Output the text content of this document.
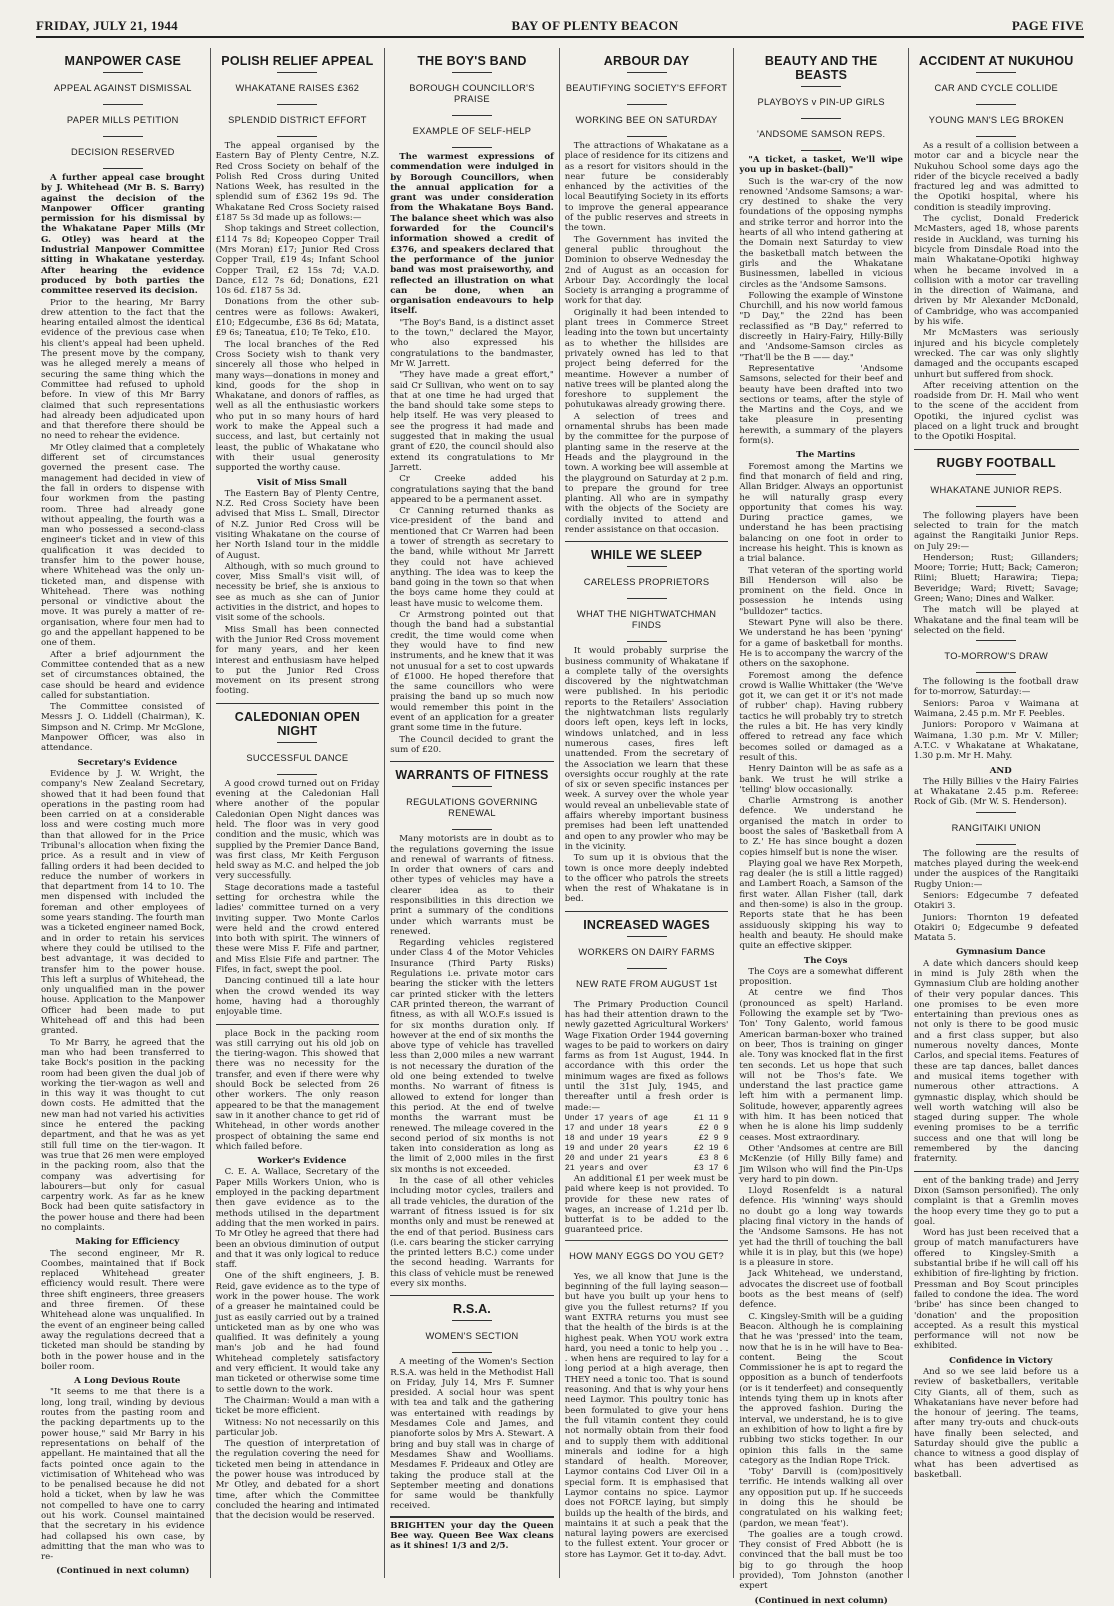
FRIDAY, JULY 21, 1944	BAY OF PLENTY BEACON	PAGE FIVE
MANPOWER CASE
APPEAL AGAINST DISMISSAL
PAPER MILLS PETITION
DECISION RESERVED

A further appeal case brought by J. Whitehead (Mr B. S. Barry) against the decision of the Manpower Officer granting permission for his dismissal by the Whakatane Paper Mills (Mr G. Otley) was heard at the Industrial Manpower Committee sitting in Whakatane yesterday. After hearing the evidence produced by both parties the committee reserved its decision.

Prior to the hearing, Mr Barry drew attention to the fact that the hearing entailed almost the identical evidence of the previous case when his client's appeal had been upheld. The present move by the company, was he alleged merely a means of securing the same thing which the Committee had refused to uphold before. In view of this Mr Barry claimed that such representations had already been adjudicated upon and that therefore there should be no need to rehear the evidence.

Mr Otley claimed that a completely different set of circumstances governed the present case. The management had decided in view of the fall in orders to dispense with four workmen from the pasting room. Three had already gone without appealing, the fourth was a man who possessed a second-class engineer's ticket and in view of this qualification it was decided to transfer him to the power house, where Whitehead was the only un-ticketed man, and dispense with Whitehead. There was nothing personal or vindictive about the move. It was purely a matter of re-organisation, where four men had to go and the appellant happened to be one of them.

After a brief adjournment the Committee contended that as a new set of circumstances obtained, the case should be heard and evidence called for substantiation.

The Committee consisted of Messrs J. O. Liddell (Chairman), K. Simpson and N. Crimp. Mr McGlone, Manpower Officer, was also in attendance.

Secretary's Evidence

Evidence by J. W. Wright, the company's New Zealand Secretary, showed that it had been found that operations in the pasting room had been carried on at a considerable loss and were costing much more than that allowed for in the Price Tribunal's allocation when fixing the price. As a result and in view of falling orders it had been decided to reduce the number of workers in that department from 14 to 10. The men dispensed with included the foreman and other employees of some years standing. The fourth man was a ticketed engineer named Bock, and in order to retain his services where they could be utilised to the best advantage, it was decided to transfer him to the power house. This left a surplus of Whitehead, the only unqualified man in the power house. Application to the Manpower Officer had been made to put Whitehead off and this had been granted.

To Mr Barry, he agreed that the man who had been transferred to take Bock's position in the packing room had been given the dual job of working the tier-wagon as well and in this way it was thought to cut down costs. He admitted that the new man had not varied his activities since he entered the packing department, and that he was as yet still full time on the tier-wagon. It was true that 26 men were employed in the packing room, also that the company was advertising for labourers—but only for casual carpentry work. As far as he knew Bock had been quite satisfactory in the power house and there had been no complaints.

Making for Efficiency

The second engineer, Mr R. Coombes, maintained that if Bock replaced Whitehead greater efficiency would result. There were three shift engineers, three greasers and three firemen. Of these Whitehead alone was unqualified. In the event of an engineer being called away the regulations decreed that a ticketed man should be standing by both in the power house and in the boiler room.

A Long Devious Route

"It seems to me that there is a long, long trail, winding by devious routes from the pasting room and the packing departments up to the power house," said Mr Barry in his representations on behalf of the appellant. He maintained that all the facts pointed once again to the victimisation of Whitehead who was to be penalised because he did not hold a ticket, when by law he was not compelled to have one to carry out his work. Counsel maintained that the secretary in his evidence had collapsed his own case, by admitting that the man who was to re-

(Continued in next column)
POLISH RELIEF APPEAL
WHAKATANE RAISES £362
SPLENDID DISTRICT EFFORT

The appeal organised by the Eastern Bay of Plenty Centre, N.Z. Red Cross Society on behalf of the Polish Red Cross during United Nations Week, has resulted in the splendid sum of £362 19s 9d. The Whakatane Red Cross Society raised £187 5s 3d made up as follows:—

Shop takings and Street collection, £114 7s 8d; Kopeopeo Copper Trail (Mrs Moran) £17; Junior Red Cross Copper Trail, £19 4s; Infant School Copper Trail, £2 15s 7d; V.A.D. Dance, £12 7s 6d; Donations, £21 10s 6d. £187 5s 3d.

Donations from the other sub-centres were as follows: Awakeri, £10; Edgecumbe, £36 8s 6d; Matata, £9 6s; Taneatua, £10; Te Teko, £10.

The local branches of the Red Cross Society wish to thank very sincerely all those who helped in many ways—donations in money and kind, goods for the shop in Whakatane, and donors of raffles, as well as all the enthusiastic workers who put in so many hours of hard work to make the Appeal such a success, and last, but certainly not least, the public of Whakatane who with their usual generosity supported the worthy cause.

Visit of Miss Small

The Eastern Bay of Plenty Centre, N.Z. Red Cross Society have been advised that Miss L. Small, Director of N.Z. Junior Red Cross will be visiting Whakatane on the course of her North Island tour in the middle of August.

Although, with so much ground to cover, Miss Small's visit will, of necessity be brief, she is anxious to see as much as she can of Junior activities in the district, and hopes to visit some of the schools.

Miss Small has been connected with the Junior Red Cross movement for many years, and her keen interest and enthusiasm have helped to put the Junior Red Cross movement on its present strong footing.

CALEDONIAN OPEN NIGHT
SUCCESSFUL DANCE

A good crowd turned out on Friday evening at the Caledonian Hall where another of the popular Caledonian Open Night dances was held. The floor was in very good condition and the music, which was supplied by the Premier Dance Band, was first class, Mr Keith Ferguson held sway as M.C. and helped the job very successfully.

Stage decorations made a tasteful setting for orchestra while the ladies' committee turned on a very inviting supper. Two Monte Carlos were held and the crowd entered into both with spirit. The winners of these were Miss F. Fife and partner, and Miss Elsie Fife and partner. The Fifes, in fact, swept the pool.

Dancing continued till a late hour when the crowd wended its way home, having had a thoroughly enjoyable time.

place Bock in the packing room was still carrying out his old job on the tiering-wagon. This showed that there was no necessity for the transfer, and even if there were why should Bock be selected from 26 other workers. The only reason appeared to be that the management saw in it another chance to get rid of Whitehead, in other words another prospect of obtaining the same end which failed before.

Worker's Evidence

C. E. A. Wallace, Secretary of the Paper Mills Workers Union, who is employed in the packing department then gave evidence as to the methods utilised in the department adding that the men worked in pairs. To Mr Otley he agreed that there had been an obvious diminution of output and that it was only logical to reduce staff.

One of the shift engineers, J. B. Reid, gave evidence as to the type of work in the power house. The work of a greaser he maintained could be just as easily carried out by a trained unticketed man as by one who was qualified. It was definitely a young man's job and he had found Whitehead completely satisfactory and very efficient. It would take any man ticketed or otherwise some time to settle down to the work.

The Chairman: Would a man with a ticket be more efficient.

Witness: No not necessarily on this particular job.

The question of interpretation of the regulation covering the need for ticketed men being in attendance in the power house was introduced by Mr Otley, and debated for a short time, after which the Committee concluded the hearing and intimated that the decision would be reserved.

THE BOY'S BAND
BOROUGH COUNCILLOR'S PRAISE
EXAMPLE OF SELF-HELP

The warmest expressions of commendation were indulged in by Borough Councillors, when the annual application for a grant was under consideration from the Whakatane Boys Band. The balance sheet which was also forwarded for the Council's information showed a credit of £376, and speakers declared that the performance of the junior band was most praiseworthy, and reflected an illustration on what can be done, when an organisation endeavours to help itself.

"The Boy's Band, is a distinct asset to the town," declared the Mayor, who also expressed his congratulations to the bandmaster, Mr W. Jarrett.

"They have made a great effort," said Cr Sullivan, who went on to say that at one time he had urged that the band should take some steps to help itself. He was very pleased to see the progress it had made and suggested that in making the usual grant of £20, the council should also extend its congratulations to Mr Jarrett.

Cr Creeke added his congratulations saying that the band appeared to be a permanent asset.

Cr Canning returned thanks as vice-president of the band and mentioned that Cr Warren had been a tower of strength as secretary to the band, while without Mr Jarrett they could not have achieved anything. The idea was to keep the band going in the town so that when the boys came home they could at least have music to welcome them.

Cr Armstrong pointed out that though the band had a substantial credit, the time would come when they would have to find new instruments, and he knew that it was not unusual for a set to cost upwards of £1000. He hoped therefore that the same councillors who were praising the band up so much now would remember this point in the event of an application for a greater grant some time in the future.

The Council decided to grant the sum of £20.

WARRANTS OF FITNESS
REGULATIONS GOVERNING RENEWAL

Many motorists are in doubt as to the regulations governing the issue and renewal of warrants of fitness. In order that owners of cars and other types of vehicles may have a clearer idea as to their responsibilities in this direction we print a summary of the conditions under which warrants must be renewed.

Regarding vehicles registered under Class 4 of the Motor Vehicles Insurance (Third Party Risks) Regulations i.e. private motor cars bearing the sticker with the letters car printed sticker with the letters CAR printed thereon, the warrant of fitness, as with all W.O.F.s issued is for six months duration only. If however at the end of six months the above type of vehicle has travelled less than 2,000 miles a new warrant is not necessary the duration of the old one being extended to twelve months. No warrant of fitness is allowed to extend for longer than this period. At the end of twelve months the warrant must be renewed. The mileage covered in the second period of six months is not taken into consideration as long as the limit of 2,000 miles in the first six months is not exceeded.

In the case of all other vehicles including motor cycles, trailers and all trade vehicles, the duration of the warrant of fitness issued is for six months only and must be renewed at the end of that period. Business cars (i.e. cars bearing the sticker carrying the printed letters B.C.) come under the second heading. Warrants for this class of vehicle must be renewed every six months.

R.S.A.
WOMEN'S SECTION

A meeting of the Women's Section R.S.A. was held in the Methodist Hall on Friday, July 14, Mrs F. Sumner presided. A social hour was spent with tea and talk and the gathering was entertained with readings by Mesdames Cole and James, and pianoforte solos by Mrs A. Stewart. A bring and buy stall was in charge of Mesdames Shaw and Woolliams. Mesdames F. Prideaux and Otley are taking the produce stall at the September meeting and donations for same would be thankfully received.

BRIGHTEN your day the Queen Bee way. Queen Bee Wax cleans as it shines! 1/3 and 2/5.

ARBOUR DAY
BEAUTIFYING SOCIETY'S EFFORT
WORKING BEE ON SATURDAY

The attractions of Whakatane as a place of residence for its citizens and as a resort for visitors should in the near future be considerably enhanced by the activities of the local Beautifying Society in its efforts to improve the general appearance of the public reserves and streets in the town.

The Government has invited the general public throughout the Dominion to observe Wednesday the 2nd of August as an occasion for Arbour Day. Accordingly the local Society is arranging a programme of work for that day.

Originally it had been intended to plant trees in Commerce Street leading into the town but uncertainty as to whether the hillsides are privately owned has led to that project being deferred for the meantime. However a number of native trees will be planted along the foreshore to supplement the pohutukawas already growing there.

A selection of trees and ornamental shrubs has been made by the committee for the purpose of planting same in the reserve at the Heads and the playground in the town. A working bee will assemble at the playground on Saturday at 2 p.m. to prepare the ground for tree planting. All who are in sympathy with the objects of the Society are cordially invited to attend and render assistance on that occasion.

WHILE WE SLEEP
CARELESS PROPRIETORS
WHAT THE NIGHTWATCHMAN FINDS

It would probably surprise the business community of Whakatane if a complete tally of the oversights discovered by the nightwatchman were published. In his periodic reports to the Retailers' Association the nightwatchman lists regularly doors left open, keys left in locks, windows unlatched, and in less numerous cases, fires left unattended. From the secretary of the Association we learn that these oversights occur roughly at the rate of six or seven specific instances per week. A survey over the whole year would reveal an unbelievable state of affairs whereby important business premises had been left unattended and open to any prowler who may be in the vicinity.

To sum up it is obvious that the town is once more deeply indebted to the officer who patrols the streets when the rest of Whakatane is in bed.

INCREASED WAGES
WORKERS ON DAIRY FARMS
NEW RATE FROM AUGUST 1st

The Primary Production Council has had their attention drawn to the newly gazetted Agricultural Workers' Wage Fixation Order 1944 governing wages to be paid to workers on dairy farms as from 1st August, 1944. In accordance with this order the minimum wages are fixed as follows until the 31st July, 1945, and thereafter until a fresh order is made:—

Under 17 years of age	£1 11 9
17 and under 18 years	£2 0 9
18 and under 19 years	£2 9 9
19 and under 20 years	£2 19 6
20 and under 21 years	£3 8 6
21 years and over	£3 17 6

An additional £1 per week must be paid where keep is not provided. To provide for these new rates of wages, an increase of 1.21d per lb. butterfat is to be added to the guaranteed price.

HOW MANY EGGS DO YOU GET?

Yes, we all know that June is the beginning of the full laying season—but have you built up your hens to give you the fullest returns? If you want EXTRA returns you must see that the health of the birds is at the highest peak. When YOU work extra hard, you need a tonic to help you . . . when hens are required to lay for a long period at a high average, then THEY need a tonic too. That is sound reasoning. And that is why your hens need Laymor. This poultry tonic has been formulated to give your hens the full vitamin content they could not normally obtain from their food and to supply them with additional minerals and iodine for a high standard of health. Moreover, Laymor contains Cod Liver Oil in a special form. It is emphasised that Laymor contains no spice. Laymor does not FORCE laying, but simply builds up the health of the birds, and maintains it at such a peak that the natural laying powers are exercised to the fullest extent. Your grocer or store has Laymor. Get it to-day. Advt.

BEAUTY AND THE BEASTS
PLAYBOYS v PIN-UP GIRLS
'ANDSOME SAMSON REPS.

"A ticket, a tasket, We'll wipe you up in basket-(ball)"

Such is the war-cry of the now renowned 'Andsome Samsons; a war-cry destined to shake the very foundations of the opposing nymphs and strike terror and horror into the hearts of all who intend gathering at the Domain next Saturday to view the basketball match between the girls and the Whakatane Businessmen, labelled in vicious circles as the 'Andsome Samsons.

Following the example of Winstone Churchill, and his now world famous "D Day," the 22nd has been reclassified as "B Day," referred to discreetly in Hairy-Fairy, Hilly-Billy and 'Andsome-Samson circles as "That'll be the B —— day."

Representative 'Andsome Samsons, selected for their beef and beauty have been drafted into two sections or teams, after the style of the Martins and the Coys, and we take pleasure in presenting herewith, a summary of the players form(s).

The Martins

Foremost among the Martins we find that monarch of field and ring, Allan Bridger. Always an opportunist he will naturally grasp every opportunity that comes his way. During practice games, we understand he has been practising balancing on one foot in order to increase his height. This is known as a trial balance.

That veteran of the sporting world Bill Henderson will also be prominent on the field. Once in possession he intends using "bulldozer" tactics.

Stewart Pyne will also be there. We understand he has been 'pyning' for a game of basketball for months. He is to accompany the warcry of the others on the saxophone.

Foremost among the defence crowd is Wallie Whittaker (the 'We've got it, we can get it or it's not made of rubber' chap). Having rubbery tactics he will probably try to stretch the rules a bit. He has very kindly offered to retread any face which becomes soiled or damaged as a result of this.

Henry Dainton will be as safe as a bank. We trust he will strike a 'telling' blow occasionally.

Charlie Armstrong is another defence. We understand he organised the match in order to boost the sales of 'Basketball from A to Z.' He has since bought a dozen copies himself but is none the wiser.

Playing goal we have Rex Morpeth, rag dealer (he is still a little ragged) and Lambert Roach, a Samson of the first water. Allan Fisher (tall, dark and then-some) is also in the group. Reports state that he has been assiduously skipping his way to health and beauty. He should make quite an effective skipper.

The Coys

The Coys are a somewhat different proposition.

At centre we find Thos (pronounced as spelt) Harland. Following the example set by 'Two-Ton' Tony Galento, world famous American barman-boxer who trained on beer, Thos is training on ginger ale. Tony was knocked flat in the first ten seconds. Let us hope that such will not be Thos's fate. We understand the last practice game left him with a permanent limp. Solitude, however, apparently agrees with him. It has been noticed that when he is alone his limp suddenly ceases. Most extraordinary.

Other 'Andsomes at centre are Bill McKenzie (of Hilly Billy fame) and Jim Wilson who will find the Pin-Ups very hard to pin down.

Lloyd Rosenfeldt is a natural defence. His 'winning' ways should no doubt go a long way towards placing final victory in the hands of the 'Andsome Samsons. He has not yet had the thrill of touching the ball while it is in play, but this (we hope) is a pleasure in store.

Jack Whitehead, we understand, advocates the discreet use of football boots as the best means of (self) defence.

C. Kingsley-Smith will be a guiding Beacon. Although he is complaining that he was 'pressed' into the team, now that he is in he will have to Bea-content. Being the Scout Commissioner he is apt to regard the opposition as a bunch of tenderfoots (or is it tenderfeet) and consequently intends tying them up in knots after the approved fashion. During the interval, we understand, he is to give an exhibition of how to light a fire by rubbing two sticks together. In our opinion this falls in the same category as the Indian Rope Trick.

'Toby' Darvill is (com)positively terrific. He intends walking all over any opposition put up. If he succeeds in doing this he should be congratulated on his walking feet; (pardon, we mean 'feat').

The goalies are a tough crowd. They consist of Fred Abbott (he is convinced that the ball must be too big to go through the hoop provided), Tom Johnston (another expert

(Continued in next column)
ACCIDENT AT NUKUHOU
CAR AND CYCLE COLLIDE
YOUNG MAN'S LEG BROKEN

As a result of a collision between a motor car and a bicycle near the Nukuhou School some days ago the rider of the bicycle received a badly fractured leg and was admitted to the Opotiki hospital, where his condition is steadily improving.

The cyclist, Donald Frederick McMasters, aged 18, whose parents reside in Auckland, was turning his bicycle from Dinsdale Road into the main Whakatane-Opotiki highway when he became involved in a collision with a motor car travelling in the direction of Waimana, and driven by Mr Alexander McDonald, of Cambridge, who was accompanied by his wife.

Mr McMasters was seriously injured and his bicycle completely wrecked. The car was only slightly damaged and the occupants escaped unhurt but suffered from shock.

After receiving attention on the roadside from Dr. H. Mail who went to the scene of the accident from Opotiki, the injured cyclist was placed on a light truck and brought to the Opotiki Hospital.

RUGBY FOOTBALL
WHAKATANE JUNIOR REPS.

The following players have been selected to train for the match against the Rangitaiki Junior Reps. on July 29:—

Henderson; Rust; Gillanders; Moore; Torrie; Hutt; Back; Cameron; Riini; Bluett; Harawira; Tiepa; Beveridge; Ward; Rivett; Savage; Green; Wano; Dines and Walker.

The match will be played at Whakatane and the final team will be selected on the field.

TO-MORROW'S DRAW

The following is the football draw for to-morrow, Saturday:—

Seniors: Paroa v Waimana at Waimana, 2.45 p.m. Mr F. Peebles.

Juniors: Poroporo v Waimana at Waimana, 1.30 p.m. Mr V. Miller; A.T.C. v Whakatane at Whakatane, 1.30 p.m. Mr H. Mahy.

AND

The Hilly Billies v the Hairy Fairies at Whakatane 2.45 p.m. Referee: Rock of Gib. (Mr W. S. Henderson).

RANGITAIKI UNION

The following are the results of matches played during the week-end under the auspices of the Rangitaiki Rugby Union:—

Seniors: Edgecumbe 7 defeated Otakiri 3.

Juniors: Thornton 19 defeated Otakiri 0; Edgecumbe 9 defeated Matata 5.

Gymnasium Dance

A date which dancers should keep in mind is July 28th when the Gymnasium Club are holding another of their very popular dances. This one promises to be even more entertaining than previous ones as not only is there to be good music and a first class supper, but also numerous novelty dances, Monte Carlos, and special items. Features of these are tap dances, ballet dances and musical items together with numerous other attractions. A gymnastic display, which should be well worth watching will also be staged during supper. The whole evening promises to be a terrific success and one that will long be remembered by the dancing fraternity.

ent of the banking trade) and Jerry Dixon (Samson personified). The only complaint is that a Gremlin moves the hoop every time they go to put a goal.

Word has just been received that a group of match manufacturers have offered to Kingsley-Smith a substantial bribe if he will call off his exhibition of fire-lighting by friction. Pressman and Boy Scout principles failed to condone the idea. The word 'bribe' has since been changed to 'donation' and the proposition accepted. As a result this mystical performance will not now be exhibited.

Confidence in Victory

And so we see laid before us a review of basketballers, veritable City Giants, all of them, such as Whakatanians have never before had the honour of jeering. The teams, after many try-outs and chuck-outs have finally been selected, and Saturday should give the public a chance to witness a good display of what has been advertised as basketball.
